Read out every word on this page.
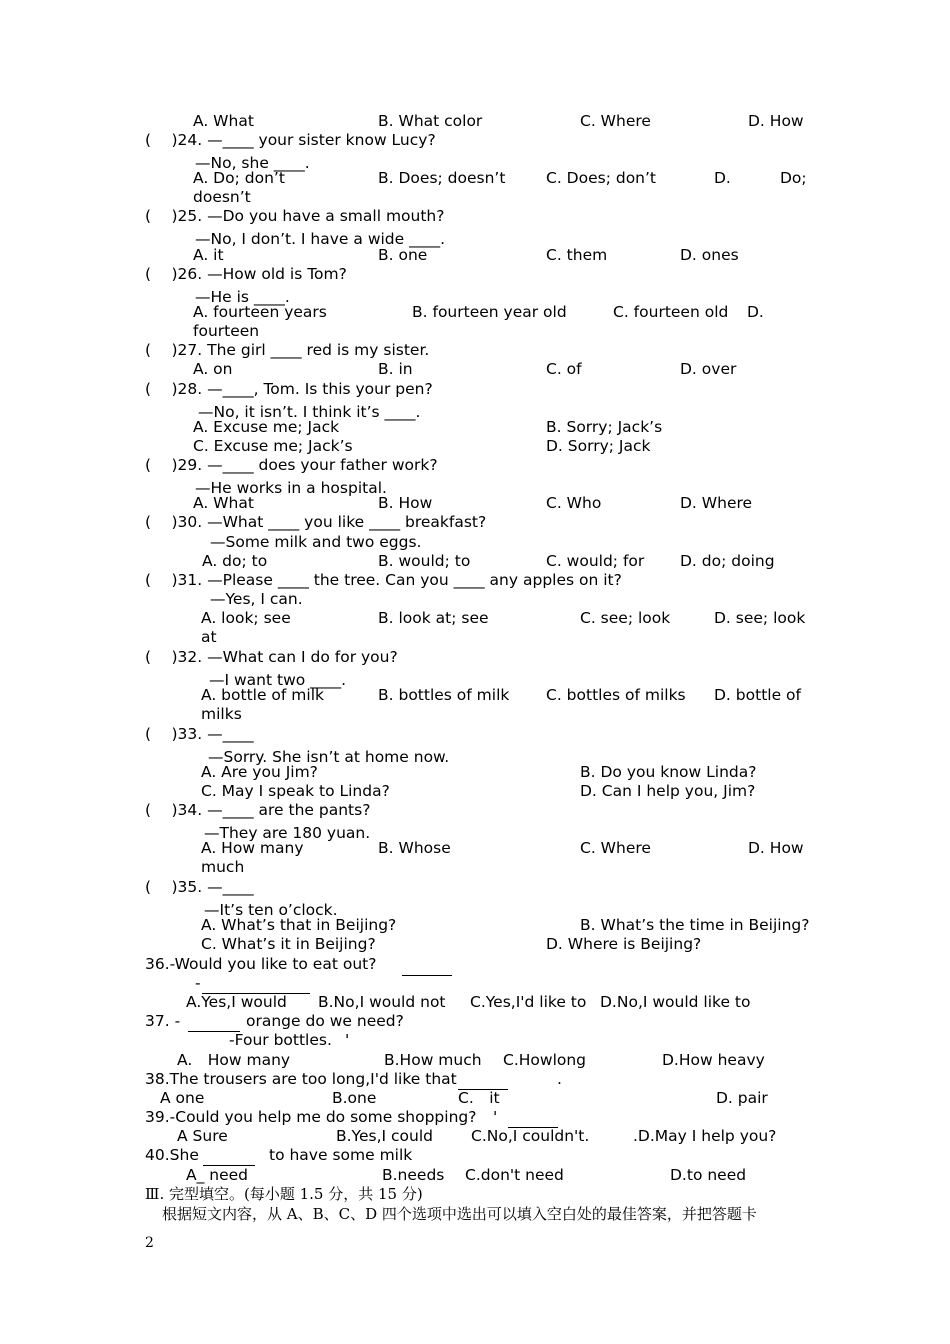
A. What	B. What color	C. Where	D. How
(　 )24. —____ your sister know Lucy?
—No, she ____.
A. Do; don’t	B. Does; doesn’t	C. Does; don’t	D.	Do;
doesn’t
(　 )25. —Do you have a small mouth?
—No, I don’t. I have a wide ____.
A. it	B. one	C. them	D. ones
(　 )26. —How old is Tom?
—He is ____.
A. fourteen years	B. fourteen year old	C. fourteen old D.
fourteen
(　 )27. The girl ____ red is my sister.
A. on	B. in	C. of	D. over
(　 )28. —____, Tom. Is this your pen?
—No, it isn’t. I think it’s ____.
A. Excuse me; Jack	B. Sorry; Jack’s
C. Excuse me; Jack’s	D. Sorry; Jack
(　 )29. —____ does your father work?
—He works in a hospital.
A. What	B. How	C. Who	D. Where
(　 )30. —What ____ you like ____ breakfast?
—Some milk and two eggs.
A. do; to	B. would; to	C. would; for D. do; doing
(　 )31. —Please ____ the tree. Can you ____ any apples on it?
—Yes, I can.
A. look; see	B. look at; see	C. see; look	D. see; look
at
(　 )32. —What can I do for you?
—I want two ____.
A. bottle of milk	B. bottles of milk C. bottles of milks D. bottle of
milks
(　 )33. —____
—Sorry. She isn’t at home now.
A. Are you Jim?	B. Do you know Linda?
C. May I speak to Linda?	D. Can I help you, Jim?
(　 )34. —____ are the pants?
—They are 180 yuan.
A. How many	B. Whose	C. Where	D. How
much
(　 )35. —____
—It’s ten o’clock.
A. What’s that in Beijing?	B. What’s the time in Beijing?
C. What’s it in Beijing?	D. Where is Beijing?
36.-Would you like to eat out?
-
A.Yes,I would B.No,I would not C.Yes,I'd like to D.No,I would like to
37. -	orange do we need?
-Four bottles. '
A.　How many	B.How much C.Howlong	D.How heavy
38.The trousers are too long,I'd like that	.
A one	B.one	C.　it	D. pair
39.-Could you help me do some shopping? '
A Sure	B.Yes,I could C.No,I couldn't.	.D.May I help you?
40.She	to have some milk
A_ need	B.needs C.don't need	D.to need
Ⅲ. 完型填空。(每小题 1.5 分，共 15 分)
根据短文内容，从 A、B、C、D 四个选项中选出可以填入空白处的最佳答案，并把答题卡
2
